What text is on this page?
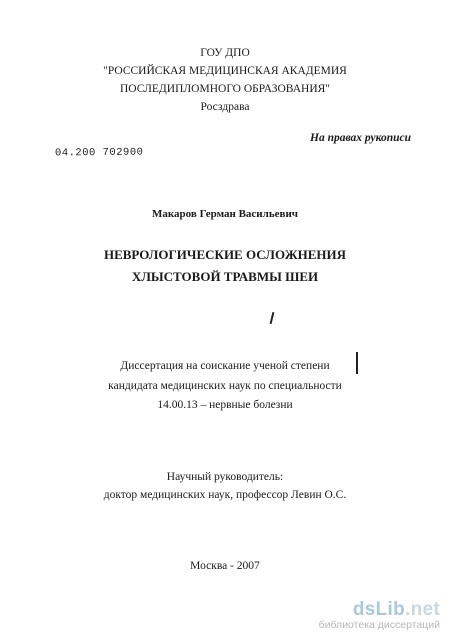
ГОУ ДПО
"РОССИЙСКАЯ МЕДИЦИНСКАЯ АКАДЕМИЯ
ПОСЛЕДИПЛОМНОГО ОБРАЗОВАНИЯ"
Росздрава
На правах рукописи
04.200 702900
Макаров Герман Васильевич
НЕВРОЛОГИЧЕСКИЕ ОСЛОЖНЕНИЯ
ХЛЫСТОВОЙ ТРАВМЫ ШЕИ
Диссертация на соискание ученой степени
кандидата медицинских наук по специальности
14.00.13 – нервные болезни
Научный руководитель:
доктор медицинских наук, профессор Левин О.С.
Москва - 2007
dsLib.net
библиотека диссертаций
